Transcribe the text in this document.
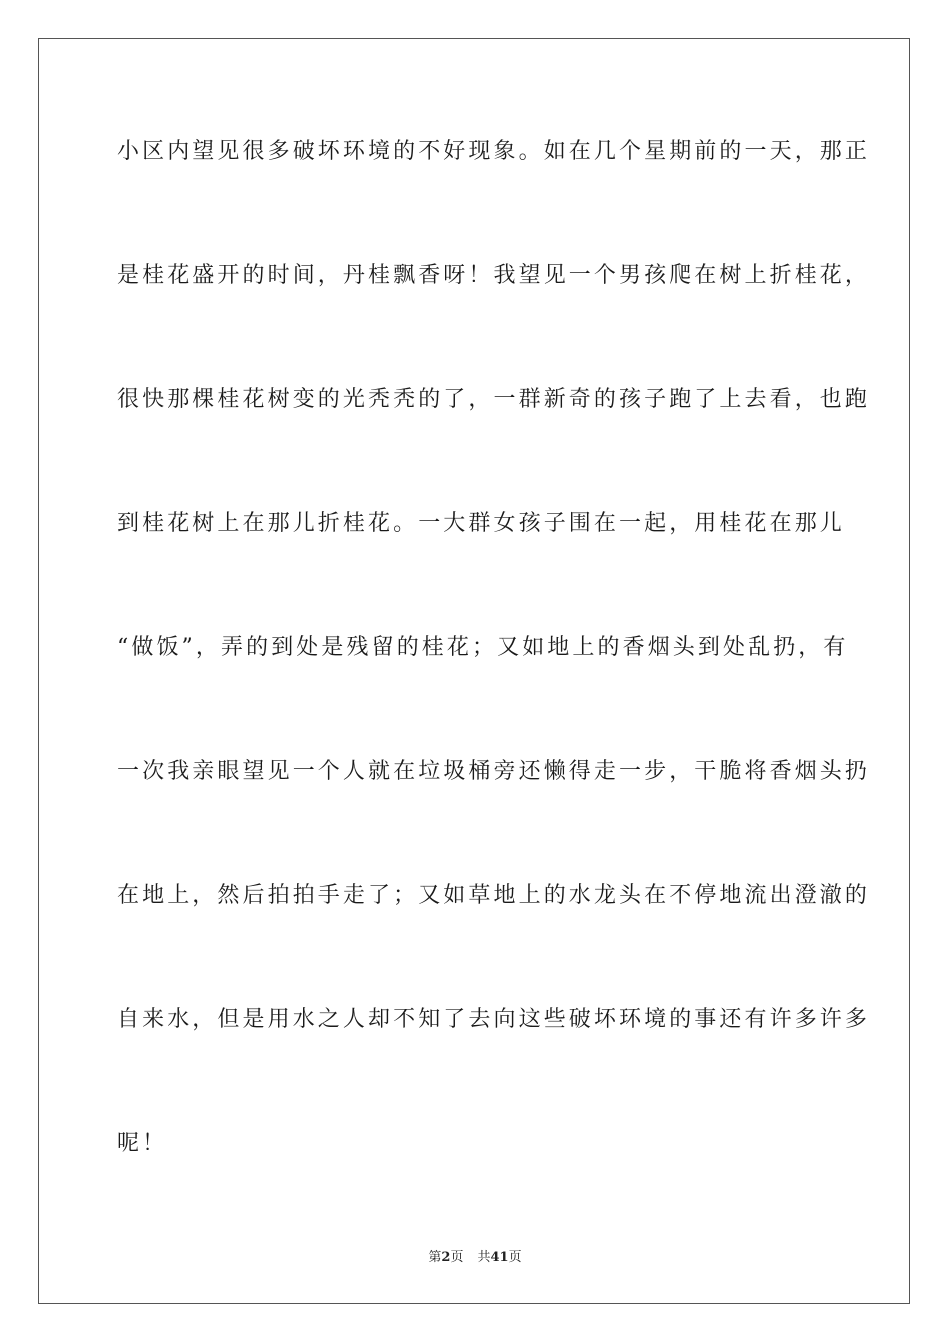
小区内望见很多破坏环境的不好现象。如在几个星期前的一天，那正
是桂花盛开的时间，丹桂飘香呀！我望见一个男孩爬在树上折桂花，
很快那棵桂花树变的光秃秃的了，一群新奇的孩子跑了上去看，也跑
到桂花树上在那儿折桂花。一大群女孩子围在一起，用桂花在那儿
“做饭”，弄的到处是残留的桂花；又如地上的香烟头到处乱扔，有
一次我亲眼望见一个人就在垃圾桶旁还懒得走一步，干脆将香烟头扔
在地上，然后拍拍手走了；又如草地上的水龙头在不停地流出澄澈的
自来水，但是用水之人却不知了去向这些破坏环境的事还有许多许多
呢！
第2页 共41页
